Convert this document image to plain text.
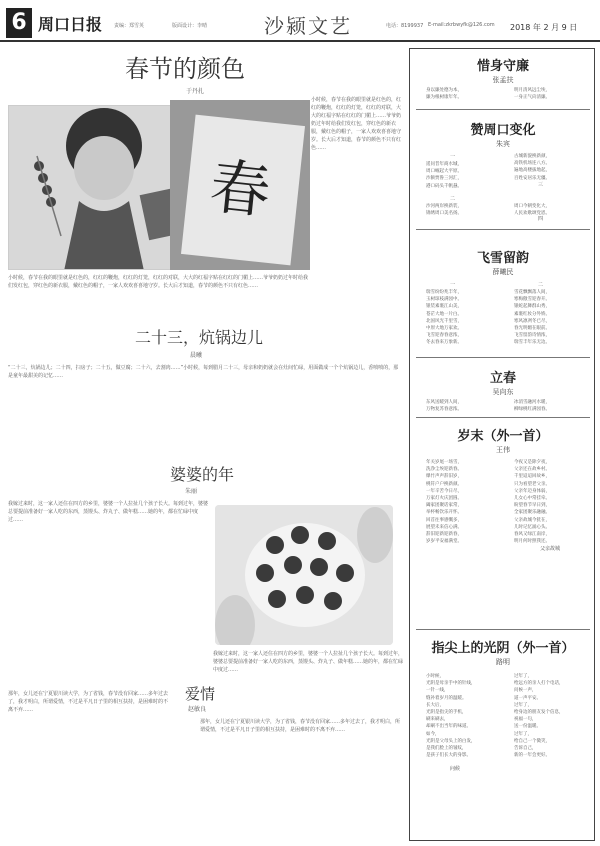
6 周口日报 责编：郑雪英	版面设计：李晴	沙颍文艺	电话：8199937 E-mail:zkrbwyfk@126.com 2018 年 2 月 9 日
春节的颜色
于丹扎
春
小时候，春节在我的眼里就是红色的，红红的鞭炮，红红的灯笼，红红的对联，大大的红福字贴在红红的门楣上……爷爷奶奶过年时给我们发红包，穿红色的新衣服，戴红色的帽子，一家人欢欢喜喜地守岁。长大后才知道，春节的颜色不只有红色……
小时候，春节在我的眼里就是红色的，红红的鞭炮，红红的灯笼，红红的对联，大大的红福字贴在红红的门楣上……爷爷奶奶过年时给我们发红包，穿红色的新衣服，戴红色的帽子，一家人欢欢喜喜地守岁。长大后才知道，春节的颜色不只有红色……
二十三，炕锅边儿
晨曦
“二十三，炕锅边儿；二十四，扫房子；二十五，做豆腐；二十六，去割肉……”小时候，每到腊月二十三，母亲和奶奶就会在灶间忙碌，用面做成一个个炕锅边儿，香喷喷的，那是童年最甜美的记忆……
婆婆的年
朱丽
我嫁过来时，这一家人还住在四方的乡里，婆婆一个人拉扯几个孩子长大。每到过年，婆婆总要提前准备好一家人吃的东西，蒸馒头、炸丸子、做年糕……她的年，都在忙碌中度过……
我嫁过来时，这一家人还住在四方的乡里，婆婆一个人拉扯几个孩子长大。每到过年，婆婆总要提前准备好一家人吃的东西，蒸馒头、炸丸子、做年糕……她的年，都在忙碌中度过……
爱情
赵敏良
那年，女儿还在宁夏银川读大学，为了省钱，春节没有回家……多年过去了，我才明白，所谓爱情，不过是平凡日子里的相互扶持，是困难时的不离不弃……
那年，女儿还在宁夏银川读大学，为了省钱，春节没有回家……多年过去了，我才明白，所谓爱情，不过是平凡日子里的相互扶持，是困难时的不离不弃……
惜身守廉
张孟扶
身以廉处德为本，
廉为根树康年年。
明月清风远尘埃，
一身正气向清廉。
赞周口变化
朱宾
一
遥问昔年商水城，
周口崛起大平原。
沙颍贾鲁三河汇，
港口码头千帆悬。
二
沙河两岸换新装，
锦绣周口美名扬。
三
古城新貌换新颜，
高铁机场连八方。
遍地高楼拔地起，
百姓安居乐无疆。
四
周口今朝变化大，
人民欢歌颂党恩。
飞雪留韵
薛曦民
一
瑞雪纷纷兆丰年，
玉树琼枝满园中。
银装素裹江山美，
苍茫大地一片白。
北国风光千里雪，
中原大地万家欢。
飞雪迎春春意浓，
冬去春来万象新。
二
雪花飘飘落人间，
寒梅傲雪迎春开。
银蛇起舞群山秀，
素裹红妆分外娇。
寒风凛冽冬已尽，
春光明媚在眼前。
飞雪留韵诗情浓，
瑞雪丰年乐无边。
立春
吴向东
东风送暖到人间，
万物复苏春意浓。
冰消雪融河水暖，
柳绿桃红满园春。
岁末（外一首）
王伟
年关岁尾一场雪，
洗净尘埃迎新春。
爆竹声声辞旧岁，
桃符户户换新颜。
一年辛苦今日尽，
万家灯火庆团圆。
阖家团聚话家常，
举杯畅饮乐开怀。
回首往事感慨多，
展望未来信心满。
辞旧迎新迎新春，
岁岁平安福满堂。
父亲故城
今夜又是除夕夜，
父亲还在故乡村。
千里迢迢回故乡，
只为看望老父亲。
父亲年迈身体弱，
儿女心中常挂牵。
盼望春节早日到，
全家团聚乐融融。
父亲故城今犹在，
儿时记忆涌心头。
春风又绿江南岸，
明月何时照我还。
指尖上的光阴（外一首）
路明
小时候，
光阴是母亲手中的针线，
一针一线，
缝补着岁月的温暖。
长大后，
光阴是指尖的手机，
刷来刷去，
却刷不出当年的味道。
如今，
光阴是父母头上的白发，
是我们脸上的皱纹，
是孩子们长大的身影。
问候
过年了，
给远方的亲人打个电话，
问候一声，
道一声平安。
过年了，
给身边的朋友发个信息，
祝福一句，
送一份温暖。
过年了，
给自己一个微笑，
告诉自己，
新的一年会更好。
